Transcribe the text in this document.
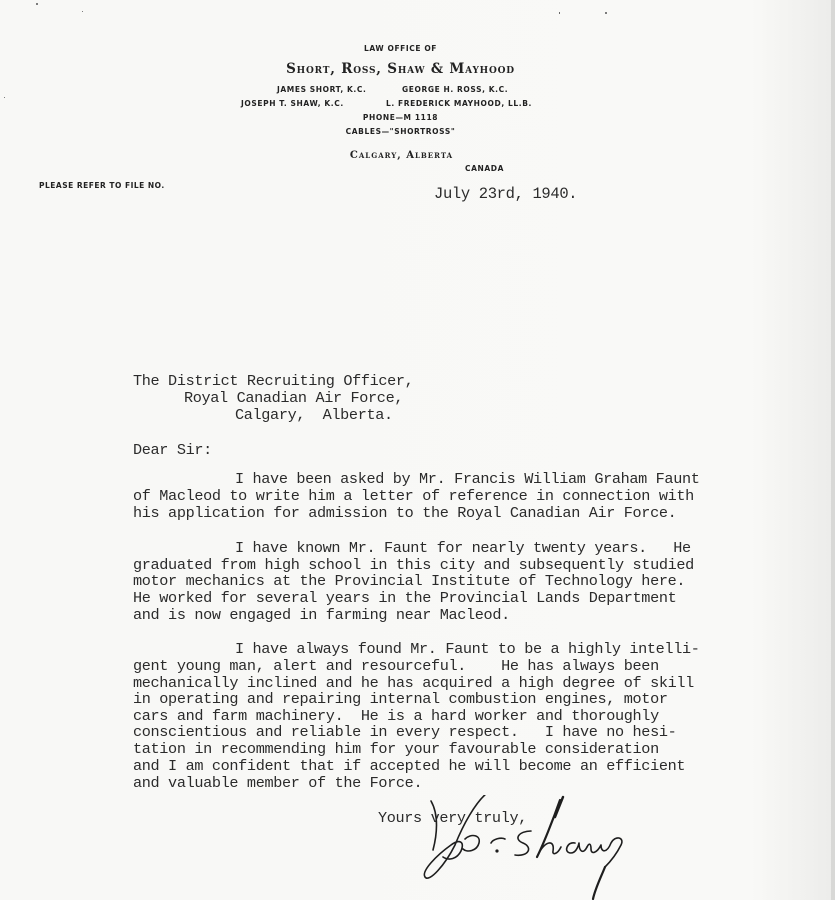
LAW OFFICE OF
Short, Ross, Shaw & Mayhood
JAMES SHORT, K.C.	GEORGE H. ROSS, K.C.
JOSEPH T. SHAW, K.C.	L. FREDERICK MAYHOOD, LL.B.
PHONE—M 1118
CABLES—"SHORTROSS"
Calgary, Alberta
CANADA
PLEASE REFER TO FILE NO.	July 23rd, 1940.
The District Recruiting Officer,
Royal Canadian Air Force,
Calgary,  Alberta.
Dear Sir:
I have been asked by Mr. Francis William Graham Faunt
of Macleod to write him a letter of reference in connection with
his application for admission to the Royal Canadian Air Force.
I have known Mr. Faunt for nearly twenty years.   He
graduated from high school in this city and subsequently studied
motor mechanics at the Provincial Institute of Technology here.
He worked for several years in the Provincial Lands Department
and is now engaged in farming near Macleod.
I have always found Mr. Faunt to be a highly intelli-
gent young man, alert and resourceful.    He has always been
mechanically inclined and he has acquired a high degree of skill
in operating and repairing internal combustion engines, motor
cars and farm machinery.  He is a hard worker and thoroughly
conscientious and reliable in every respect.   I have no hesi-
tation in recommending him for your favourable consideration
and I am confident that if accepted he will become an efficient
and valuable member of the Force.
Yours very truly,
